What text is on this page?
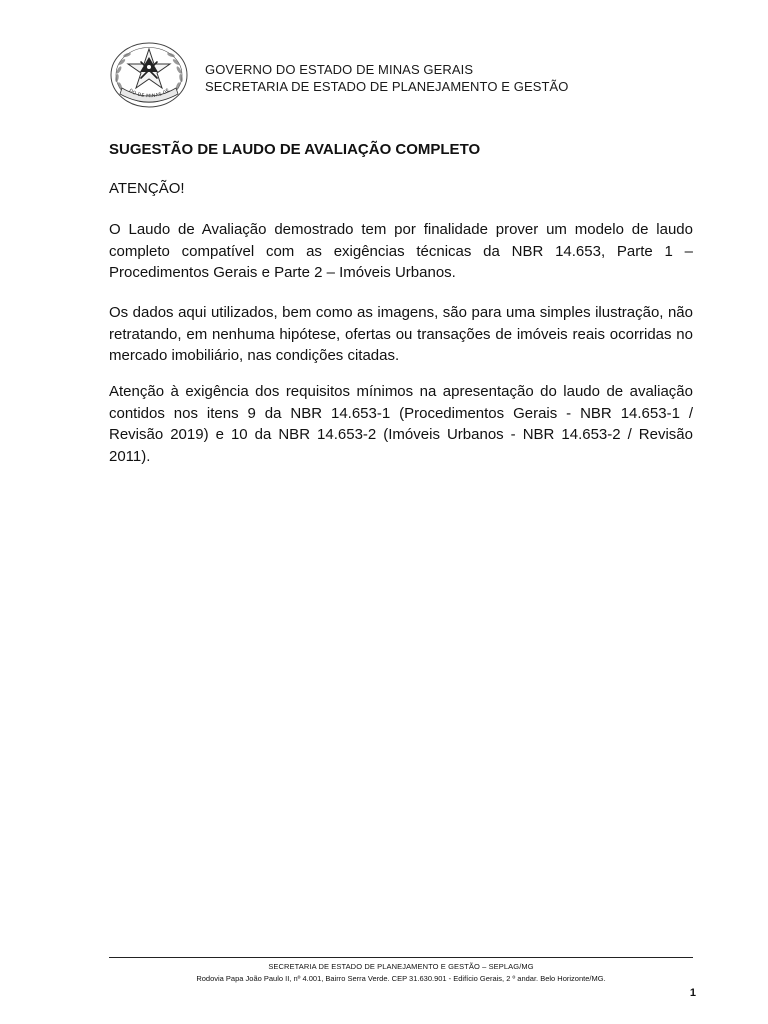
DO DE MINAS GE
GOVERNO DO ESTADO DE MINAS GERAIS
SECRETARIA DE ESTADO DE PLANEJAMENTO E GESTÃO
SUGESTÃO DE LAUDO DE AVALIAÇÃO COMPLETO
ATENÇÃO!

O Laudo de Avaliação demostrado tem por finalidade prover um modelo de laudo completo compatível com as exigências técnicas da NBR 14.653, Parte 1 – Procedimentos Gerais e Parte 2 – Imóveis Urbanos.

Os dados aqui utilizados, bem como as imagens, são para uma simples ilustração, não retratando, em nenhuma hipótese, ofertas ou transações de imóveis reais ocorridas no mercado imobiliário, nas condições citadas.

Atenção à exigência dos requisitos mínimos na apresentação do laudo de avaliação contidos nos itens 9 da NBR 14.653-1 (Procedimentos Gerais - NBR 14.653-1 / Revisão 2019) e 10 da NBR 14.653-2 (Imóveis Urbanos - NBR 14.653-2 / Revisão 2011).

SECRETARIA DE ESTADO DE PLANEJAMENTO E GESTÃO – SEPLAG/MG
Rodovia Papa João Paulo II, nº 4.001, Bairro Serra Verde. CEP 31.630.901 - Edifício Gerais, 2 º andar. Belo Horizonte/MG.
1
